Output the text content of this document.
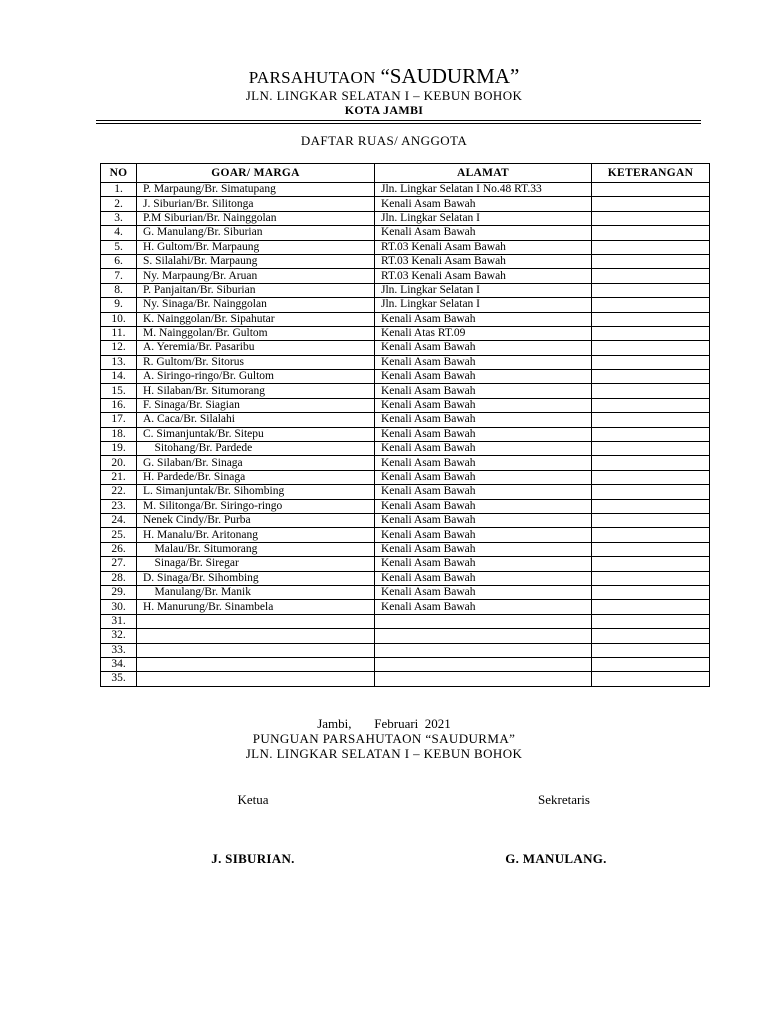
PARSAHUTAON “SAUDURMA”
JLN. LINGKAR SELATAN I – KEBUN BOHOK
KOTA JAMBI
DAFTAR RUAS/ ANGGOTA
NO	GOAR/ MARGA	ALAMAT	KETERANGAN
1.	P. Marpaung/Br. Simatupang	Jln. Lingkar Selatan I No.48 RT.33	
2.	J. Siburian/Br. Silitonga	Kenali Asam Bawah	
3.	P.M Siburian/Br. Nainggolan	Jln. Lingkar Selatan I	
4.	G. Manulang/Br. Siburian	Kenali Asam Bawah	
5.	H. Gultom/Br. Marpaung	RT.03 Kenali Asam Bawah	
6.	S. Silalahi/Br. Marpaung	RT.03 Kenali Asam Bawah	
7.	Ny. Marpaung/Br. Aruan	RT.03 Kenali Asam Bawah	
8.	P. Panjaitan/Br. Siburian	Jln. Lingkar Selatan I	
9.	Ny. Sinaga/Br. Nainggolan	Jln. Lingkar Selatan I	
10.	K. Nainggolan/Br. Sipahutar	Kenali Asam Bawah	
11.	M. Nainggolan/Br. Gultom	Kenali Atas RT.09	
12.	A. Yeremia/Br. Pasaribu	Kenali Asam Bawah	
13.	R. Gultom/Br. Sitorus	Kenali Asam Bawah	
14.	A. Siringo-ringo/Br. Gultom	Kenali Asam Bawah	
15.	H. Silaban/Br. Situmorang	Kenali Asam Bawah	
16.	F. Sinaga/Br. Siagian	Kenali Asam Bawah	
17.	A. Caca/Br. Silalahi	Kenali Asam Bawah	
18.	C. Simanjuntak/Br. Sitepu	Kenali Asam Bawah	
19.	Sitohang/Br. Pardede	Kenali Asam Bawah	
20.	G. Silaban/Br. Sinaga	Kenali Asam Bawah	
21.	H. Pardede/Br. Sinaga	Kenali Asam Bawah	
22.	L. Simanjuntak/Br. Sihombing	Kenali Asam Bawah	
23.	M. Silitonga/Br. Siringo-ringo	Kenali Asam Bawah	
24.	Nenek Cindy/Br. Purba	Kenali Asam Bawah	
25.	H. Manalu/Br. Aritonang	Kenali Asam Bawah	
26.	Malau/Br. Situmorang	Kenali Asam Bawah	
27.	Sinaga/Br. Siregar	Kenali Asam Bawah	
28.	D. Sinaga/Br. Sihombing	Kenali Asam Bawah	
29.	Manulang/Br. Manik	Kenali Asam Bawah	
30.	H. Manurung/Br. Sinambela	Kenali Asam Bawah	
31.			
32.			
33.			
34.			
35.			
Jambi,       Februari  2021
PUNGUAN PARSAHUTAON “SAUDURMA”
JLN. LINGKAR SELATAN I – KEBUN BOHOK
Ketua	Sekretaris
J. SIBURIAN.	G. MANULANG.
